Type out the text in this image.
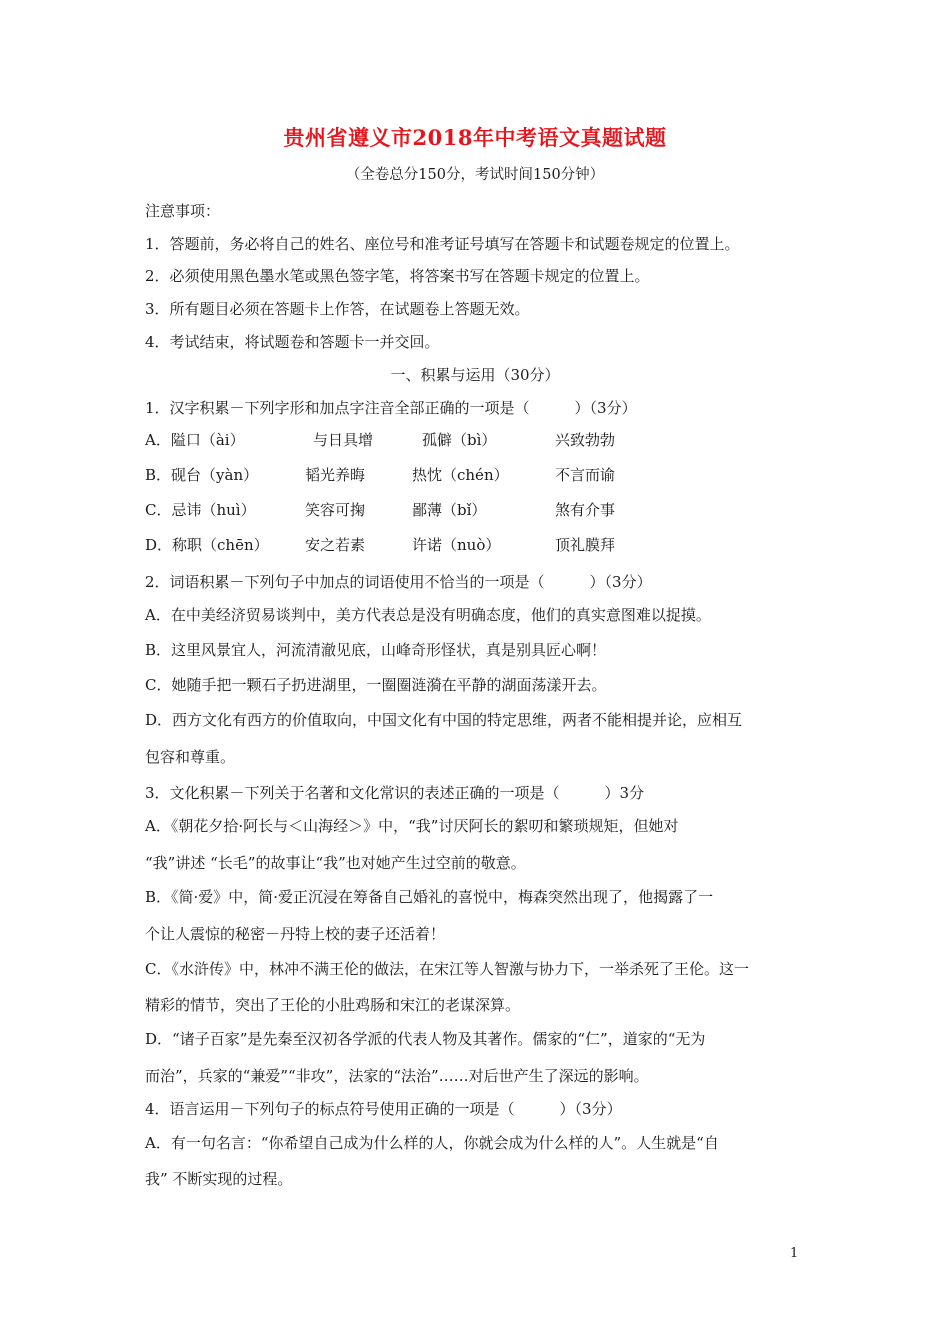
贵州省遵义市2018年中考语文真题试题
（全卷总分150分，考试时间150分钟）
注意事项：
1．答题前，务必将自己的姓名、座位号和准考证号填写在答题卡和试题卷规定的位置上。
2．必须使用黑色墨水笔或黑色签字笔，将答案书写在答题卡规定的位置上。
3．所有题目必须在答题卡上作答，在试题卷上答题无效。
4．考试结束，将试题卷和答题卡一并交回。
一、积累与运用（30分）
1．汉字积累－下列字形和加点字注音全部正确的一项是（　　　）（3分）
A．隘口（ài）	与日具增	孤僻（bì）	兴致勃勃
B．砚台（yàn）	韬光养晦	热忱（chén）	不言而谕
C．忌讳（huì）	笑容可掬	鄙薄（bǐ）	煞有介事
D．称职（chēn） 安之若素	许诺（nuò）	顶礼膜拜
2．词语积累－下列句子中加点的词语使用不恰当的一项是（　　　）（3分）
A．在中美经济贸易谈判中，美方代表总是没有明确态度，他们的真实意图难以捉摸。
B．这里风景宜人，河流清澈见底，山峰奇形怪状，真是别具匠心啊！
C．她随手把一颗石子扔进湖里，一圈圈涟漪在平静的湖面荡漾开去。
D．西方文化有西方的价值取向，中国文化有中国的特定思维，两者不能相提并论，应相互
包容和尊重。
3．文化积累－下列关于名著和文化常识的表述正确的一项是（　　　）3分
A．《朝花夕拾·阿长与＜山海经＞》中，“我”讨厌阿长的絮叨和繁琐规矩，但她对
“我”讲述 “长毛”的故事让“我”也对她产生过空前的敬意。
B．《简·爱》中，简·爱正沉浸在筹备自己婚礼的喜悦中，梅森突然出现了，他揭露了一
个让人震惊的秘密－丹特上校的妻子还活着！
C．《水浒传》中，林冲不满王伦的做法，在宋江等人智激与协力下，一举杀死了王伦。这一
精彩的情节，突出了王伦的小肚鸡肠和宋江的老谋深算。
D．“诸子百家”是先秦至汉初各学派的代表人物及其著作。儒家的“仁”，道家的“无为
而治”，兵家的“兼爱”“非攻”，法家的“法治”……对后世产生了深远的影响。
4．语言运用－下列句子的标点符号使用正确的一项是（　　　）（3分）
A．有一句名言：“你希望自己成为什么样的人，你就会成为什么样的人”。人生就是“自
我” 不断实现的过程。
1
